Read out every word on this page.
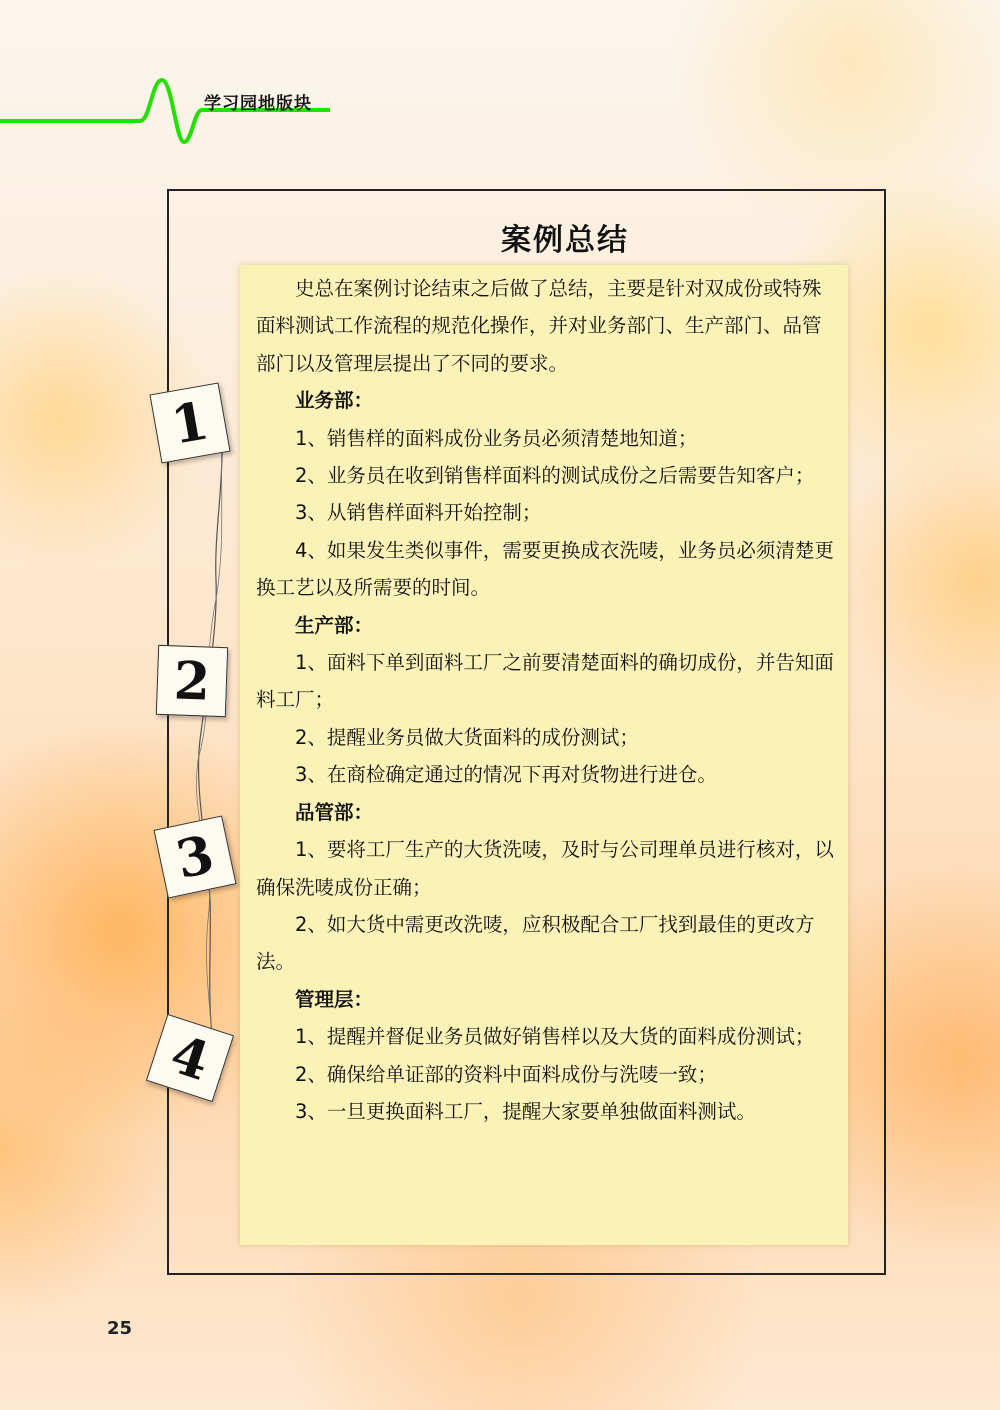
学习园地版块
案例总结
1
2
3
4

史总在案例讨论结束之后做了总结，主要是针对双成份或特殊面料测试工作流程的规范化操作，并对业务部门、生产部门、品管部门以及管理层提出了不同的要求。

业务部：

1、销售样的面料成份业务员必须清楚地知道；

2、业务员在收到销售样面料的测试成份之后需要告知客户；

3、从销售样面料开始控制；

4、如果发生类似事件，需要更换成衣洗唛，业务员必须清楚更换工艺以及所需要的时间。

生产部：

1、面料下单到面料工厂之前要清楚面料的确切成份，并告知面料工厂；

2、提醒业务员做大货面料的成份测试；

3、在商检确定通过的情况下再对货物进行进仓。

品管部：

1、要将工厂生产的大货洗唛，及时与公司理单员进行核对，以确保洗唛成份正确；

2、如大货中需更改洗唛，应积极配合工厂找到最佳的更改方法。

管理层：

1、提醒并督促业务员做好销售样以及大货的面料成份测试；

2、确保给单证部的资料中面料成份与洗唛一致；

3、一旦更换面料工厂，提醒大家要单独做面料测试。

25
